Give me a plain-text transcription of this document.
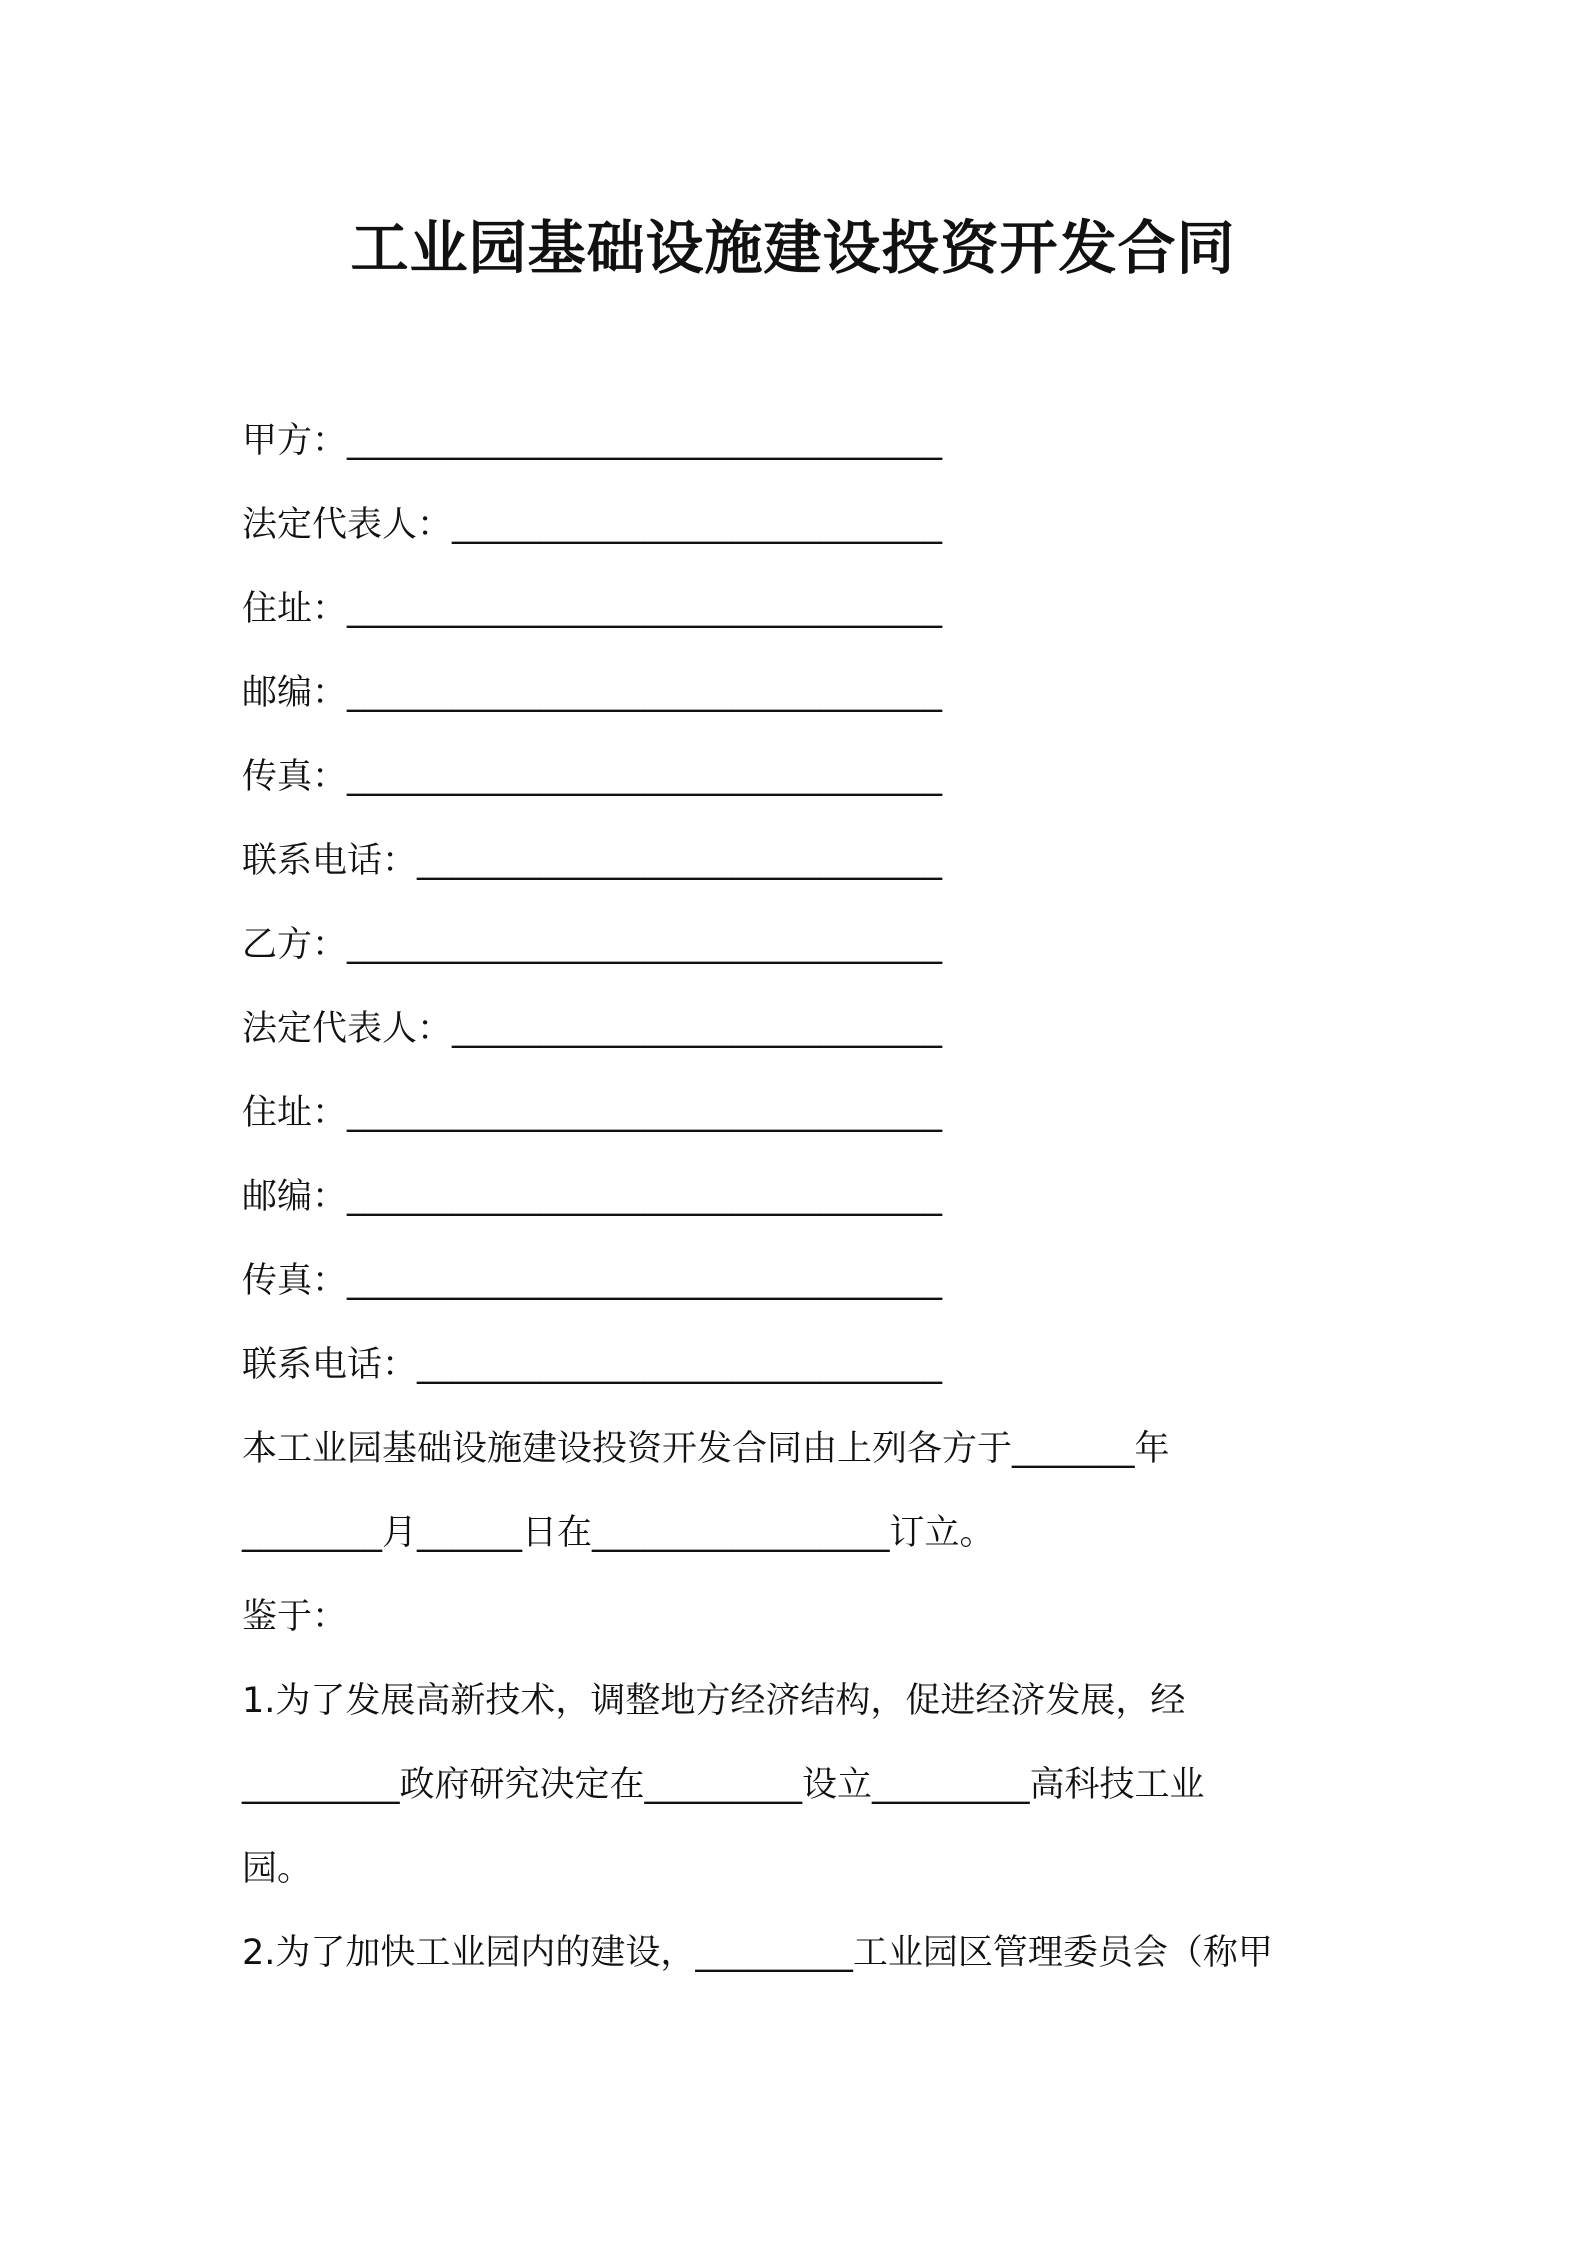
工业园基础设施建设投资开发合同
甲方：__________________________________
法定代表人：____________________________
住址：__________________________________
邮编：__________________________________
传真：__________________________________
联系电话：______________________________
乙方：__________________________________
法定代表人：____________________________
住址：__________________________________
邮编：__________________________________
传真：__________________________________
联系电话：______________________________
本工业园基础设施建设投资开发合同由上列各方于_______年
________月______日在_________________订立。
鉴于：
1.为了发展高新技术，调整地方经济结构，促进经济发展，经
_________政府研究决定在_________设立_________高科技工业
园。
2.为了加快工业园内的建设，_________工业园区管理委员会（称甲
